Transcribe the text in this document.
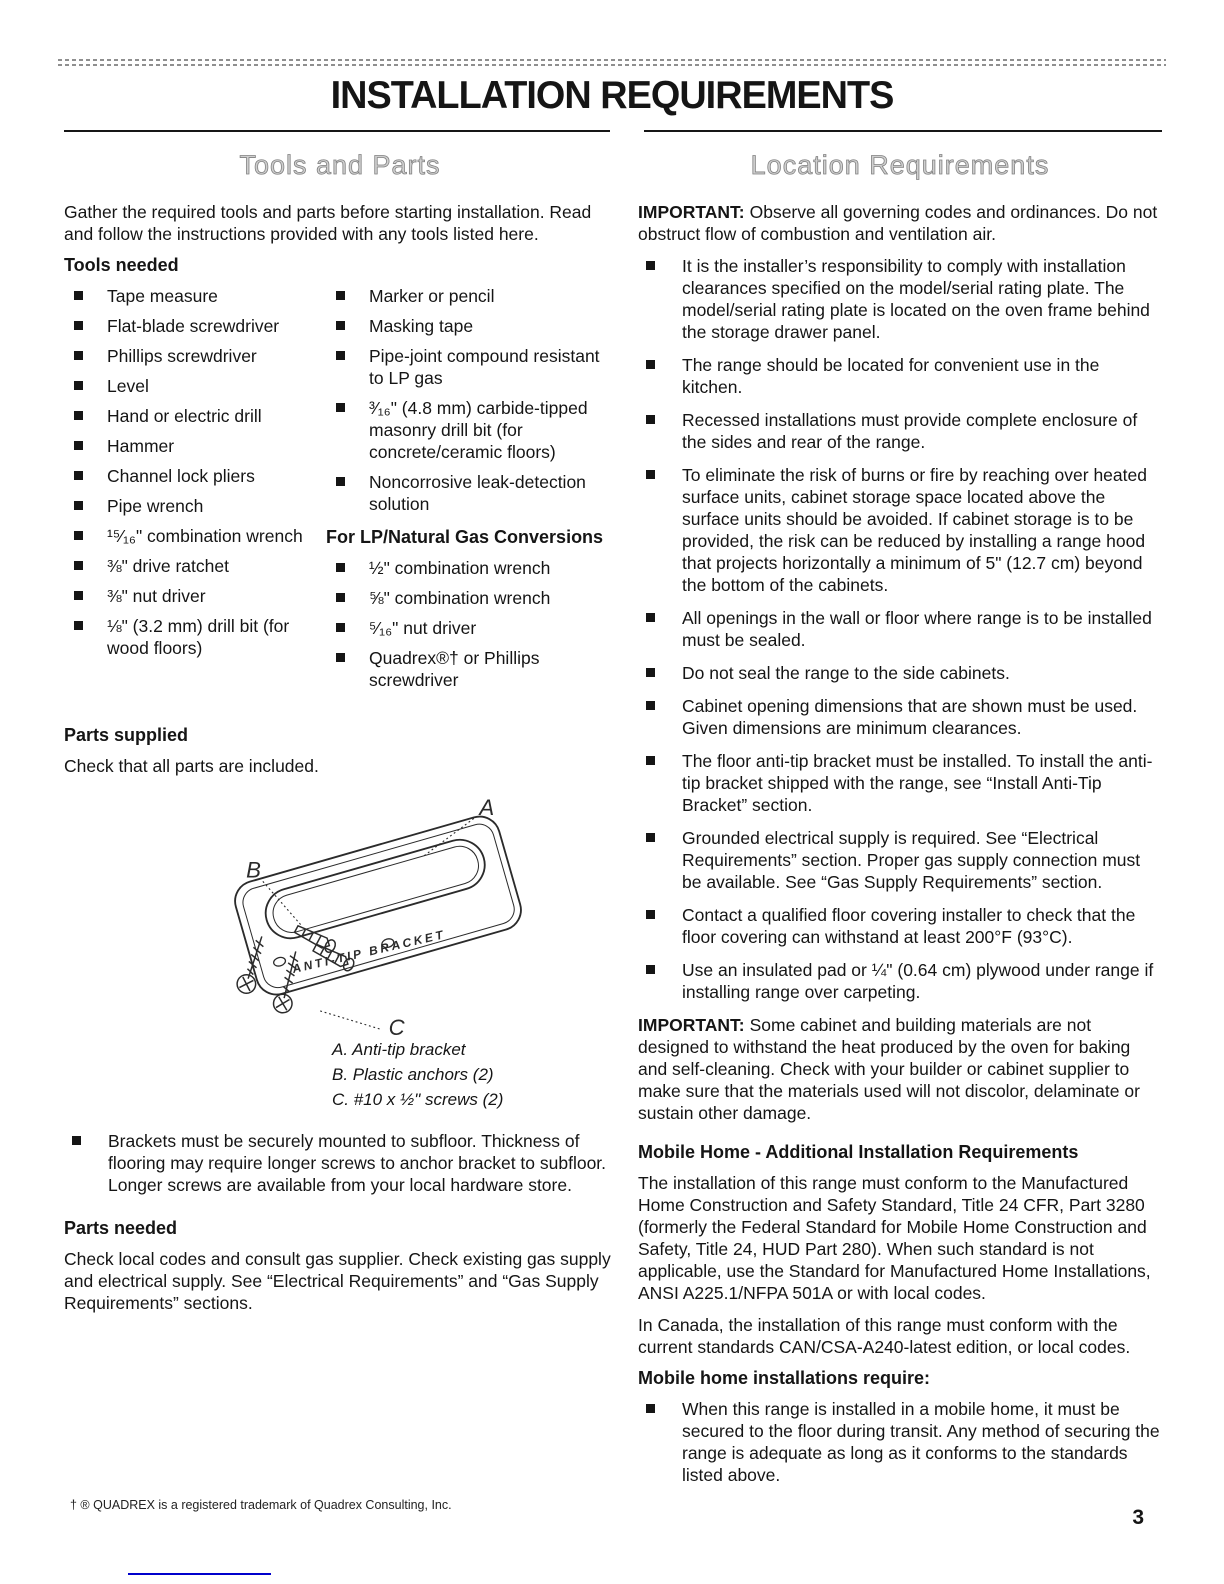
INSTALLATION REQUIREMENTS
Tools and Parts

Gather the required tools and parts before starting installation. Read and follow the instructions provided with any tools listed here.

Tools needed
Tape measure
Flat-blade screwdriver
Phillips screwdriver
Level
Hand or electric drill
Hammer
Channel lock pliers
Pipe wrench
¹⁵⁄₁₆" combination wrench
⅜" drive ratchet
⅜" nut driver
⅛" (3.2 mm) drill bit (for wood floors)
Marker or pencil
Masking tape
Pipe-joint compound resistant to LP gas
³⁄₁₆" (4.8 mm) carbide-tipped masonry drill bit (for concrete/ceramic floors)
Noncorrosive leak-detection solution
For LP/Natural Gas Conversions
½" combination wrench
⅝" combination wrench
⁵⁄₁₆" nut driver
Quadrex®† or Phillips screwdriver
Parts supplied

Check that all parts are included.

ANTI-TIP BRACKET
A
B
C
A. Anti-tip bracket
B. Plastic anchors (2)
C. #10 x ½" screws (2)
Brackets must be securely mounted to subfloor. Thickness of flooring may require longer screws to anchor bracket to subfloor. Longer screws are available from your local hardware store.
Parts needed

Check local codes and consult gas supplier. Check existing gas supply and electrical supply. See “Electrical Requirements” and “Gas Supply Requirements” sections.

Location Requirements

IMPORTANT: Observe all governing codes and ordinances. Do not obstruct flow of combustion and ventilation air.

It is the installer’s responsibility to comply with installation clearances specified on the model/serial rating plate. The model/serial rating plate is located on the oven frame behind the storage drawer panel.
The range should be located for convenient use in the kitchen.
Recessed installations must provide complete enclosure of the sides and rear of the range.
To eliminate the risk of burns or fire by reaching over heated surface units, cabinet storage space located above the surface units should be avoided. If cabinet storage is to be provided, the risk can be reduced by installing a range hood that projects horizontally a minimum of 5" (12.7 cm) beyond the bottom of the cabinets.
All openings in the wall or floor where range is to be installed must be sealed.
Do not seal the range to the side cabinets.
Cabinet opening dimensions that are shown must be used. Given dimensions are minimum clearances.
The floor anti-tip bracket must be installed. To install the anti-tip bracket shipped with the range, see “Install Anti-Tip Bracket” section.
Grounded electrical supply is required. See “Electrical Requirements” section. Proper gas supply connection must be available. See “Gas Supply Requirements” section.
Contact a qualified floor covering installer to check that the floor covering can withstand at least 200°F (93°C).
Use an insulated pad or ¼" (0.64 cm) plywood under range if installing range over carpeting.

IMPORTANT: Some cabinet and building materials are not designed to withstand the heat produced by the oven for baking and self-cleaning. Check with your builder or cabinet supplier to make sure that the materials used will not discolor, delaminate or sustain other damage.

Mobile Home - Additional Installation Requirements

The installation of this range must conform to the Manufactured Home Construction and Safety Standard, Title 24 CFR, Part 3280 (formerly the Federal Standard for Mobile Home Construction and Safety, Title 24, HUD Part 280). When such standard is not applicable, use the Standard for Manufactured Home Installations, ANSI A225.1/NFPA 501A or with local codes.

In Canada, the installation of this range must conform with the current standards CAN/CSA-A240-latest edition, or local codes.

Mobile home installations require:
When this range is installed in a mobile home, it must be secured to the floor during transit. Any method of securing the range is adequate as long as it conforms to the standards listed above.
† ® QUADREX is a registered trademark of Quadrex Consulting, Inc.
3
